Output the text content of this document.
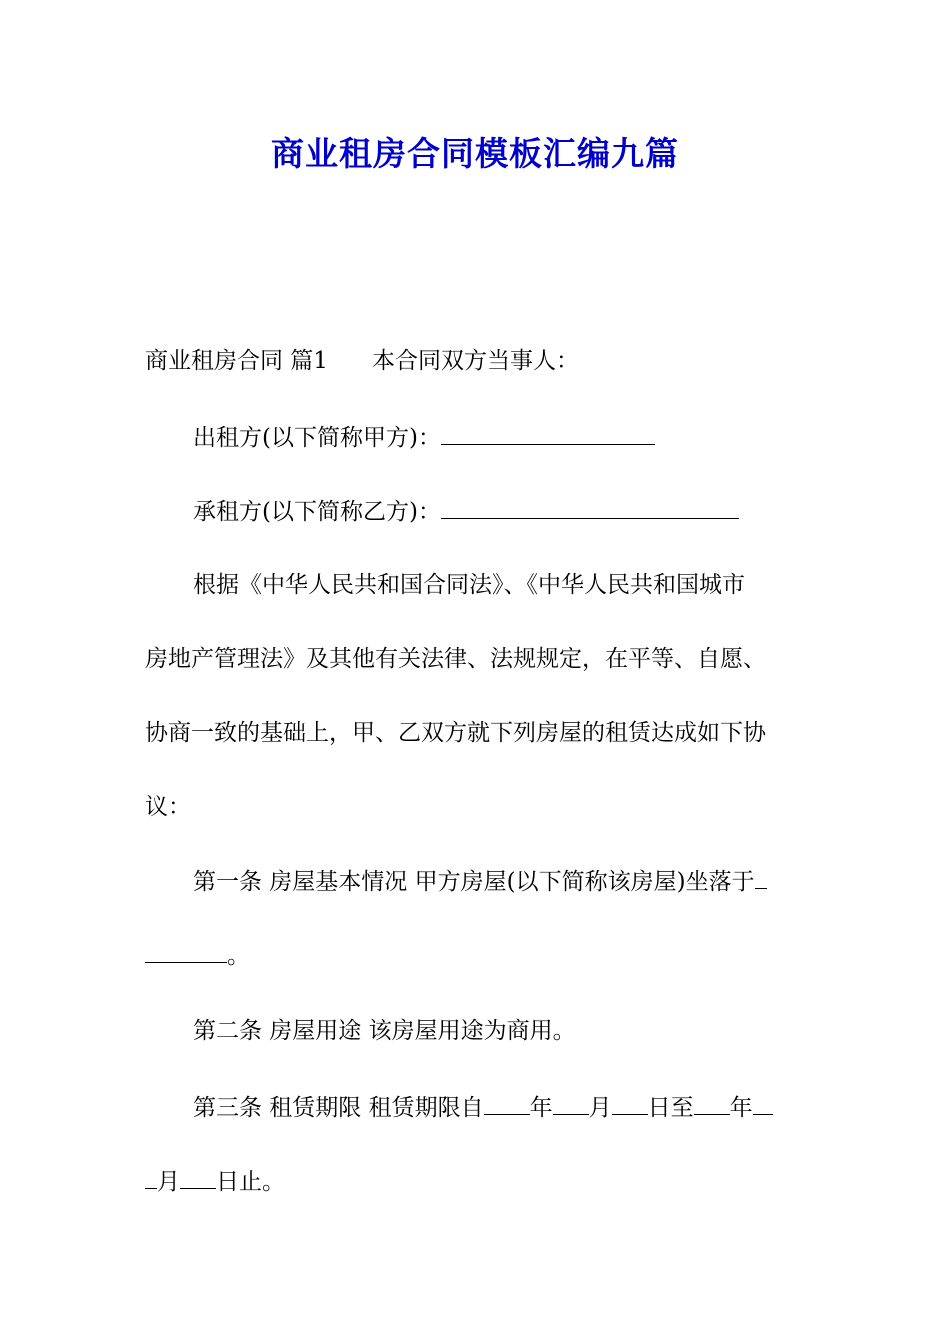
商业租房合同模板汇编九篇

商业租房合同 篇1 本合同双方当事人：

出租方(以下简称甲方)：

承租方(以下简称乙方)：

根据《中华人民共和国合同法》、《中华人民共和国城市

房地产管理法》及其他有关法律、法规规定，在平等、自愿、

协商一致的基础上，甲、乙双方就下列房屋的租赁达成如下协

议：

第一条 房屋基本情况 甲方房屋(以下简称该房屋)坐落于

。

第二条 房屋用途 该房屋用途为商用。

第三条 租赁期限 租赁期限自 年 月 日至 年

月 日止。
